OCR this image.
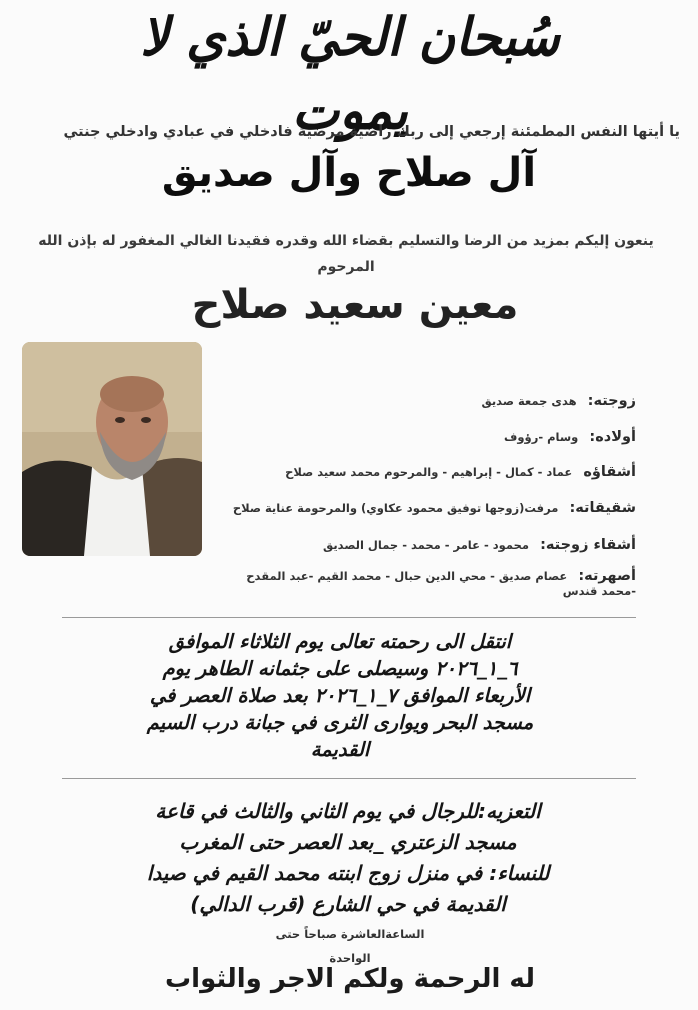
سُبحان الحيّ الذي لا يموت
يا أيتها النفس المطمئنة إرجعي إلى ربك راضية مرضية فادخلي في عبادي وادخلي جنتي
آل صلاح وآل صديق
ينعون إليكم بمزيد من الرضا والتسليم بقضاء الله وقدره فقيدنا الغالي المغفور له بإذن الله
المرحوم
معين سعيد صلاح
زوجته: هدى جمعة صديق
أولاده: وسام -رؤوف
أشقاؤه عماد - كمال - إبراهيم - والمرحوم محمد سعيد صلاح
شقيقاته: مرفت(زوجها توفيق محمود عكاوي) والمرحومة عناية صلاح
أشقاء زوجته: محمود - عامر - محمد - جمال الصديق
أصهرته: عصام صديق - محي الدين حبال - محمد القيم -عبد المقدح -محمد قندس
انتقل الى رحمته تعالى يوم الثلاثاء الموافق
٦_١_٢٠٢٦ وسيصلى على جثمانه الطاهر يوم
الأربعاء الموافق ٧_١_٢٠٢٦ بعد صلاة العصر في
مسجد البحر ويوارى الثرى في جبانة درب السيم
القديمة
التعزيه:للرجال في يوم الثاني والثالث في قاعة
مسجد الزعتري _بعد العصر حتى المغرب
للنساء: في منزل زوج ابنته محمد القيم في صيدا
القديمة في حي الشارع (قرب الدالي)
الساعةالعاشرة صباحاً حتى
الواحدة
له الرحمة ولكم الاجر والثواب
